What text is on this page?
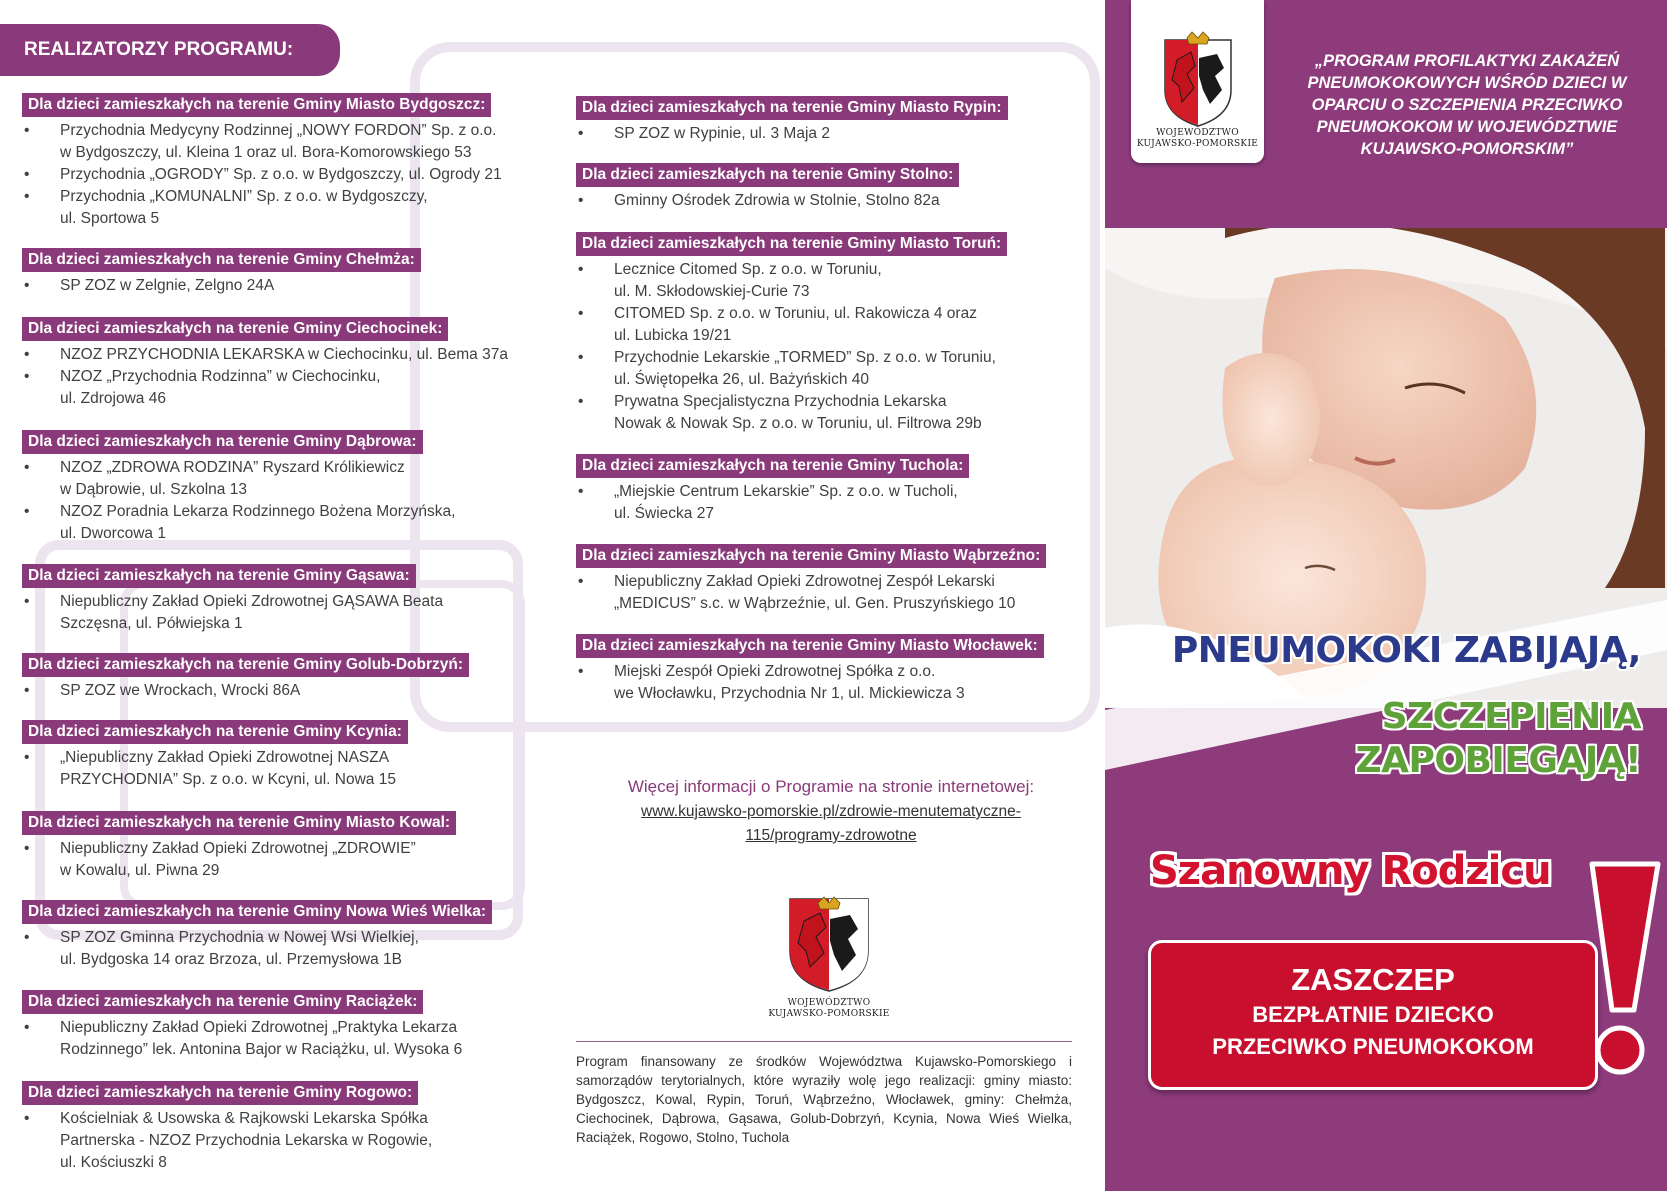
REALIZATORZY PROGRAMU:
Dla dzieci zamieszkałych na terenie Gminy Miasto Bydgoszcz:
• Przychodnia Medycyny Rodzinnej „NOWY FORDON” Sp. z o.o.
w Bydgoszczy, ul. Kleina 1 oraz ul. Bora-Komorowskiego 53
• Przychodnia „OGRODY” Sp. z o.o. w Bydgoszczy, ul. Ogrody 21
• Przychodnia „KOMUNALNI” Sp. z o.o. w Bydgoszczy,
ul. Sportowa 5
Dla dzieci zamieszkałych na terenie Gminy Chełmża:
• SP ZOZ w Zelgnie, Zelgno 24A
Dla dzieci zamieszkałych na terenie Gminy Ciechocinek:
• NZOZ PRZYCHODNIA LEKARSKA w Ciechocinku, ul. Bema 37a
• NZOZ „Przychodnia Rodzinna” w Ciechocinku,
ul. Zdrojowa 46
Dla dzieci zamieszkałych na terenie Gminy Dąbrowa:
• NZOZ „ZDROWA RODZINA” Ryszard Królikiewicz
w Dąbrowie, ul. Szkolna 13
• NZOZ Poradnia Lekarza Rodzinnego Bożena Morzyńska,
ul. Dworcowa 1
Dla dzieci zamieszkałych na terenie Gminy Gąsawa:
• Niepubliczny Zakład Opieki Zdrowotnej GĄSAWA Beata
Szczęsna, ul. Półwiejska 1
Dla dzieci zamieszkałych na terenie Gminy Golub-Dobrzyń:
• SP ZOZ we Wrockach, Wrocki 86A
Dla dzieci zamieszkałych na terenie Gminy Kcynia:
• „Niepubliczny Zakład Opieki Zdrowotnej NASZA
PRZYCHODNIA” Sp. z o.o. w Kcyni, ul. Nowa 15
Dla dzieci zamieszkałych na terenie Gminy Miasto Kowal:
• Niepubliczny Zakład Opieki Zdrowotnej „ZDROWIE”
w Kowalu, ul. Piwna 29
Dla dzieci zamieszkałych na terenie Gminy Nowa Wieś Wielka:
• SP ZOZ Gminna Przychodnia w Nowej Wsi Wielkiej,
ul. Bydgoska 14 oraz Brzoza, ul. Przemysłowa 1B
Dla dzieci zamieszkałych na terenie Gminy Raciążek:
• Niepubliczny Zakład Opieki Zdrowotnej „Praktyka Lekarza
Rodzinnego” lek. Antonina Bajor w Raciążku, ul. Wysoka 6
Dla dzieci zamieszkałych na terenie Gminy Rogowo:
• Kościelniak & Usowska & Rajkowski Lekarska Spółka
Partnerska - NZOZ Przychodnia Lekarska w Rogowie,
ul. Kościuszki 8
Dla dzieci zamieszkałych na terenie Gminy Miasto Rypin:
• SP ZOZ w Rypinie, ul. 3 Maja 2
Dla dzieci zamieszkałych na terenie Gminy Stolno:
• Gminny Ośrodek Zdrowia w Stolnie, Stolno 82a
Dla dzieci zamieszkałych na terenie Gminy Miasto Toruń:
• Lecznice Citomed Sp. z o.o. w Toruniu,
ul. M. Skłodowskiej-Curie 73
• CITOMED Sp. z o.o. w Toruniu, ul. Rakowicza 4 oraz
ul. Lubicka 19/21
• Przychodnie Lekarskie „TORMED” Sp. z o.o. w Toruniu,
ul. Świętopełka 26, ul. Bażyńskich 40
• Prywatna Specjalistyczna Przychodnia Lekarska
Nowak & Nowak Sp. z o.o. w Toruniu, ul. Filtrowa 29b
Dla dzieci zamieszkałych na terenie Gminy Tuchola:
• „Miejskie Centrum Lekarskie” Sp. z o.o. w Tucholi,
ul. Świecka 27
Dla dzieci zamieszkałych na terenie Gminy Miasto Wąbrzeźno:
• Niepubliczny Zakład Opieki Zdrowotnej Zespół Lekarski
„MEDICUS” s.c. w Wąbrzeźnie, ul. Gen. Pruszyńskiego 10
Dla dzieci zamieszkałych na terenie Gminy Miasto Włocławek:
• Miejski Zespół Opieki Zdrowotnej Spółka z o.o.
we Włocławku, Przychodnia Nr 1, ul. Mickiewicza 3
Więcej informacji o Programie na stronie internetowej:
www.kujawsko-pomorskie.pl/zdrowie-menutematyczne-
115/programy-zdrowotne
WOJEWÓDZTWO
KUJAWSKO-POMORSKIE
Program finansowany ze środków Województwa Kujawsko-Pomorskiego i samorządów terytorialnych, które wyraziły wolę jego realizacji: gminy miasto: Bydgoszcz, Kowal, Rypin, Toruń, Wąbrzeźno, Włocławek, gminy: Chełmża, Ciechocinek, Dąbrowa, Gąsawa, Golub-Dobrzyń, Kcynia, Nowa Wieś Wielka, Raciążek, Rogowo, Stolno, Tuchola
WOJEWÓDZTWO
KUJAWSKO-POMORSKIE
„PROGRAM PROFILAKTYKI ZAKAŻEŃ PNEUMOKOKOWYCH WŚRÓD DZIECI W OPARCIU O SZCZEPIENIA PRZECIWKO PNEUMOKOKOM W WOJEWÓDZTWIE KUJAWSKO-POMORSKIM”
PNEUMOKOKI ZABIJAJĄ,
SZCZEPIENIA ZAPOBIEGAJĄ!
Szanowny Rodzicu
ZASZCZEP
BEZPŁATNIE DZIECKO
PRZECIWKO PNEUMOKOKOM
